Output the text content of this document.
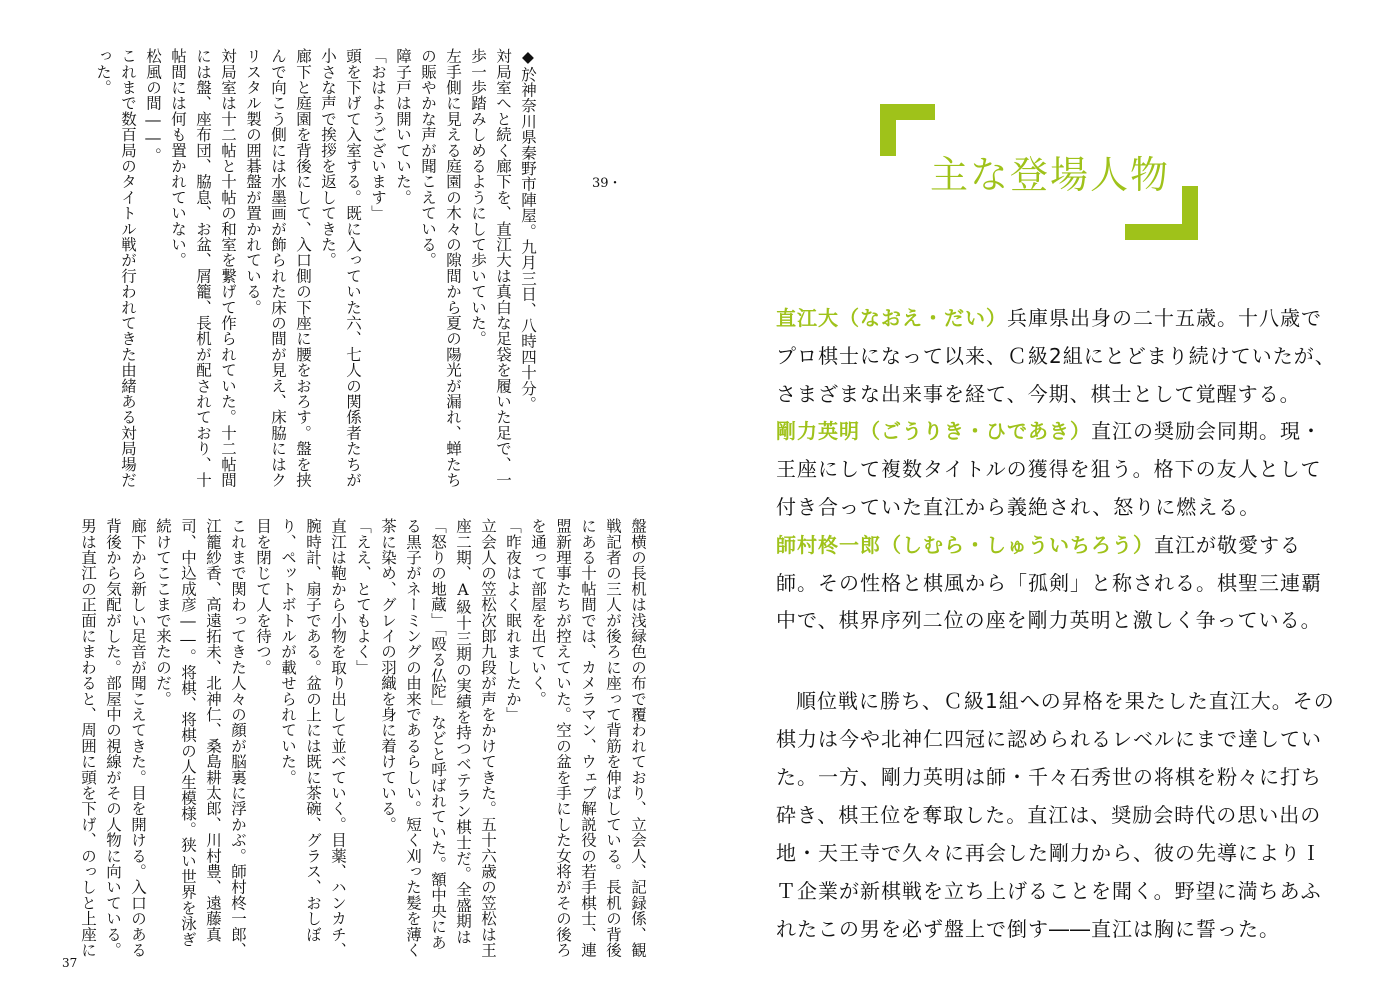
◆於神奈川県秦野市陣屋。九月三日、八時四十分。
対局室へと続く廊下を、直江大は真白な足袋を履いた足で、一歩一歩踏みしめるようにして歩いていた。
左手側に見える庭園の木々の隙間から夏の陽光が漏れ、蝉たちの賑やかな声が聞こえている。
障子戸は開いていた。
「おはようございます」
頭を下げて入室する。既に入っていた六、七人の関係者たちが小さな声で挨拶を返してきた。
廊下と庭園を背後にして、入口側の下座に腰をおろす。盤を挟んで向こう側には水墨画が飾られた床の間が見え、床脇にはクリスタル製の囲碁盤が置かれている。
対局室は十二帖と十帖の和室を繋げて作られていた。十二帖間には盤、座布団、脇息、お盆、屑籠、長机が配されており、十帖間には何も置かれていない。
松風の間――。
これまで数百局のタイトル戦が行われてきた由緒ある対局場だった。

39・

盤横の長机は浅緑色の布で覆われており、立会人、記録係、観戦記者の三人が後ろに座って背筋を伸ばしている。長机の背後にある十帖間では、カメラマン、ウェブ解説役の若手棋士、連盟新理事たちが控えていた。空の盆を手にした女将がその後ろを通って部屋を出ていく。
「昨夜はよく眠れましたか」
立会人の笠松次郎九段が声をかけてきた。五十六歳の笠松は王座二期、A級十三期の実績を持つベテラン棋士だ。全盛期は「怒りの地蔵」「殴る仏陀」などと呼ばれていた。額中央にある黒子がネーミングの由来であるらしい。短く刈った髪を薄く茶に染め、グレイの羽織を身に着けている。
「ええ、とてもよく」
直江は鞄から小物を取り出して並べていく。目薬、ハンカチ、腕時計、扇子である。盆の上には既に茶碗、グラス、おしぼり、ペットボトルが載せられていた。
目を閉じて人を待つ。
これまで関わってきた人々の顔が脳裏に浮かぶ。師村柊一郎、江籠紗香、高遠拓未、北神仁、桑島耕太郎、川村豊、遠藤真司、中込成彦――。将棋、将棋の人生模様。狭い世界を泳ぎ続けてここまで来たのだ。
廊下から新しい足音が聞こえてきた。目を開ける。入口のある背後から気配がした。部屋中の視線がその人物に向いている。
男は直江の正面にまわると、周囲に頭を下げ、のっしと上座に

37
主な登場人物

直江大（なおえ・だい）兵庫県出身の二十五歳。十八歳でプロ棋士になって以来、Ｃ級2組にとどまり続けていたが、さまざまな出来事を経て、今期、棋士として覚醒する。

剛力英明（ごうりき・ひであき）直江の奨励会同期。現・王座にして複数タイトルの獲得を狙う。格下の友人として付き合っていた直江から義絶され、怒りに燃える。

師村柊一郎（しむら・しゅういちろう）直江が敬愛する師。その性格と棋風から「孤剣」と称される。棋聖三連覇中で、棋界序列二位の座を剛力英明と激しく争っている。

順位戦に勝ち、Ｃ級1組への昇格を果たした直江大。その棋力は今や北神仁四冠に認められるレベルにまで達していた。一方、剛力英明は師・千々石秀世の将棋を粉々に打ち砕き、棋王位を奪取した。直江は、奨励会時代の思い出の地・天王寺で久々に再会した剛力から、彼の先導によりＩＴ企業が新棋戦を立ち上げることを聞く。野望に満ちあふれたこの男を必ず盤上で倒す――直江は胸に誓った。
